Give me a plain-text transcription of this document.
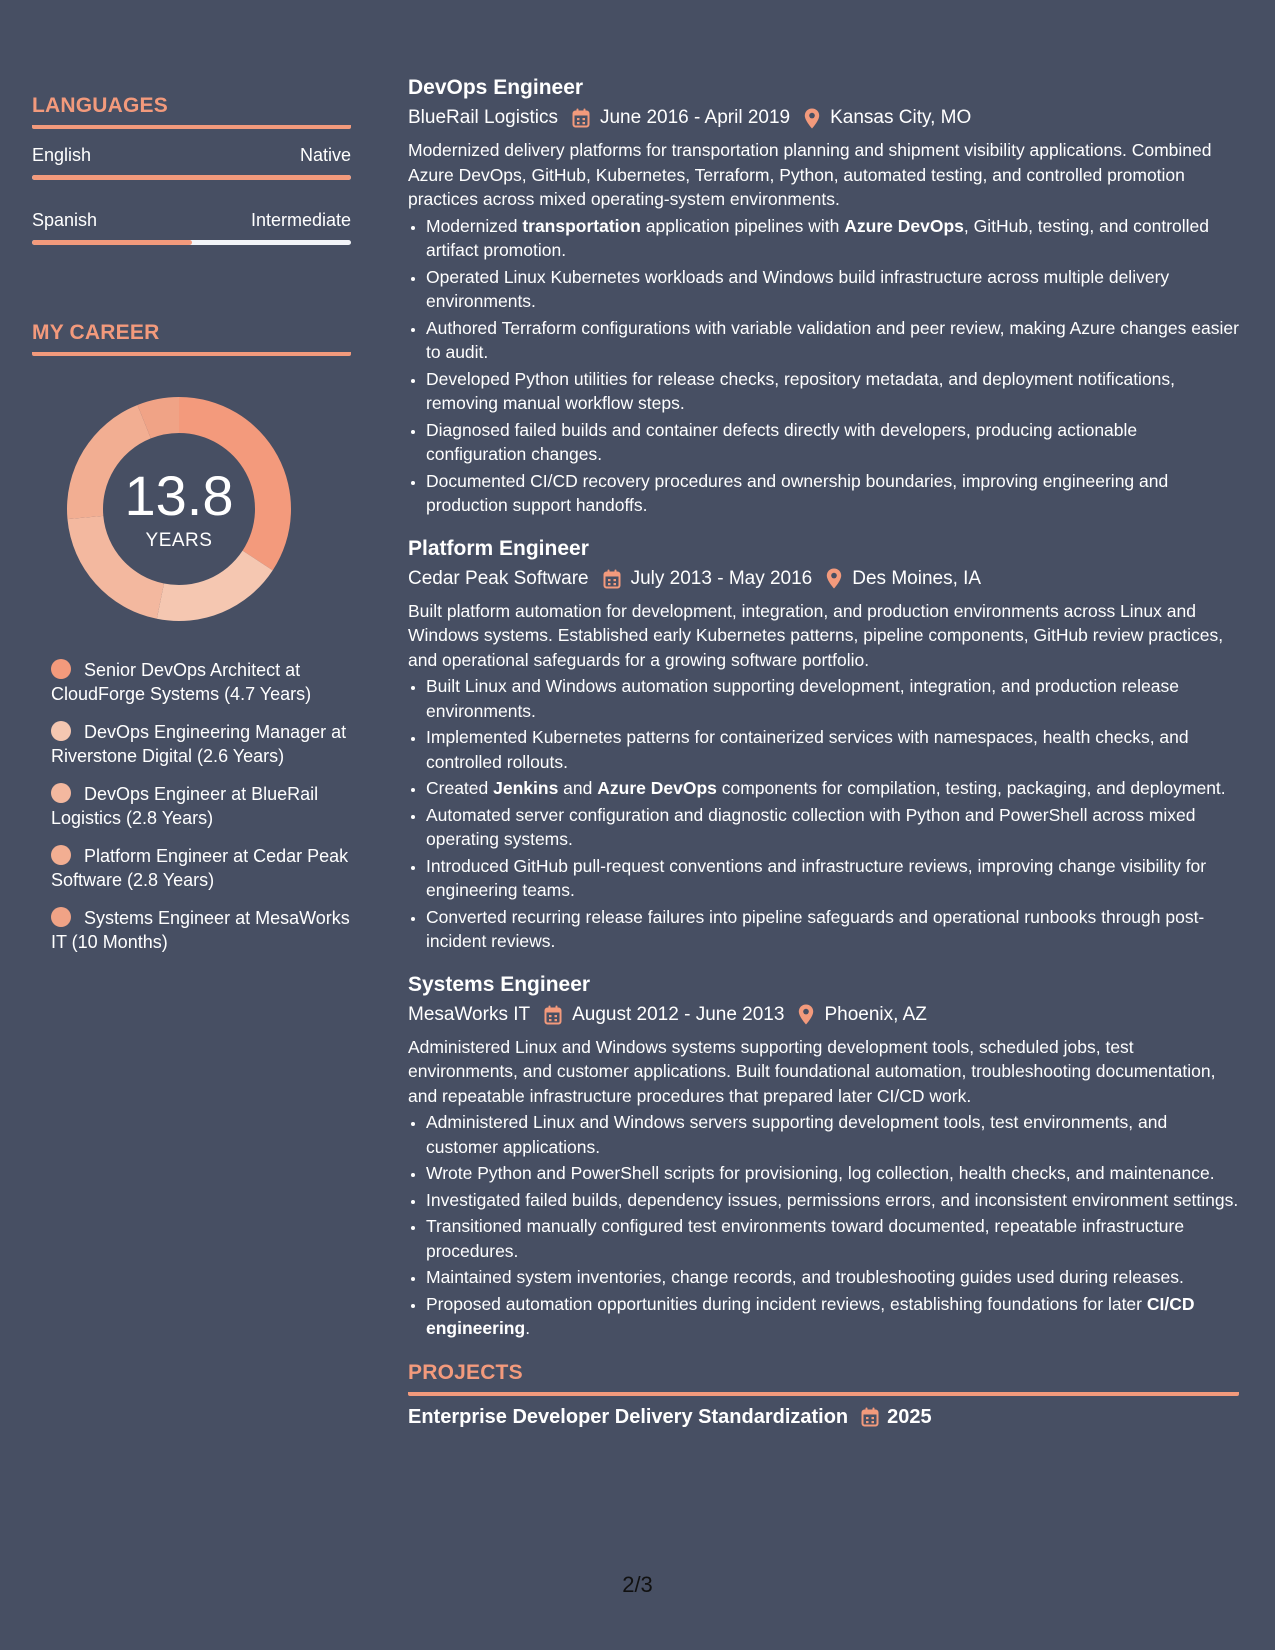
LANGUAGES
English	Native
Spanish	Intermediate
MY CAREER
13.8
YEARS
Senior DevOps Architect at CloudForge Systems (4.7 Years)
DevOps Engineering Manager at Riverstone Digital (2.6 Years)
DevOps Engineer at BlueRail Logistics (2.8 Years)
Platform Engineer at Cedar Peak Software (2.8 Years)
Systems Engineer at MesaWorks IT (10 Months)
DevOps Engineer
BlueRail Logistics June 2016 - April 2019 Kansas City, MO

Modernized delivery platforms for transportation planning and shipment visibility applications. Combined Azure DevOps, GitHub, Kubernetes, Terraform, Python, automated testing, and controlled promotion practices across mixed operating-system environments.

• Modernized transportation application pipelines with Azure DevOps, GitHub, testing, and controlled artifact promotion.
• Operated Linux Kubernetes workloads and Windows build infrastructure across multiple delivery environments.
• Authored Terraform configurations with variable validation and peer review, making Azure changes easier to audit.
• Developed Python utilities for release checks, repository metadata, and deployment notifications, removing manual workflow steps.
• Diagnosed failed builds and container defects directly with developers, producing actionable configuration changes.
• Documented CI/CD recovery procedures and ownership boundaries, improving engineering and production support handoffs.
Platform Engineer
Cedar Peak Software July 2013 - May 2016 Des Moines, IA

Built platform automation for development, integration, and production environments across Linux and Windows systems. Established early Kubernetes patterns, pipeline components, GitHub review practices, and operational safeguards for a growing software portfolio.

• Built Linux and Windows automation supporting development, integration, and production release environments.
• Implemented Kubernetes patterns for containerized services with namespaces, health checks, and controlled rollouts.
• Created Jenkins and Azure DevOps components for compilation, testing, packaging, and deployment.
• Automated server configuration and diagnostic collection with Python and PowerShell across mixed operating systems.
• Introduced GitHub pull-request conventions and infrastructure reviews, improving change visibility for engineering teams.
• Converted recurring release failures into pipeline safeguards and operational runbooks through post-incident reviews.
Systems Engineer
MesaWorks IT August 2012 - June 2013 Phoenix, AZ

Administered Linux and Windows systems supporting development tools, scheduled jobs, test environments, and customer applications. Built foundational automation, troubleshooting documentation, and repeatable infrastructure procedures that prepared later CI/CD work.

• Administered Linux and Windows servers supporting development tools, test environments, and customer applications.
• Wrote Python and PowerShell scripts for provisioning, log collection, health checks, and maintenance.
• Investigated failed builds, dependency issues, permissions errors, and inconsistent environment settings.
• Transitioned manually configured test environments toward documented, repeatable infrastructure procedures.
• Maintained system inventories, change records, and troubleshooting guides used during releases.
• Proposed automation opportunities during incident reviews, establishing foundations for later CI/CD engineering.
PROJECTS
Enterprise Developer Delivery Standardization 2025
2/3
